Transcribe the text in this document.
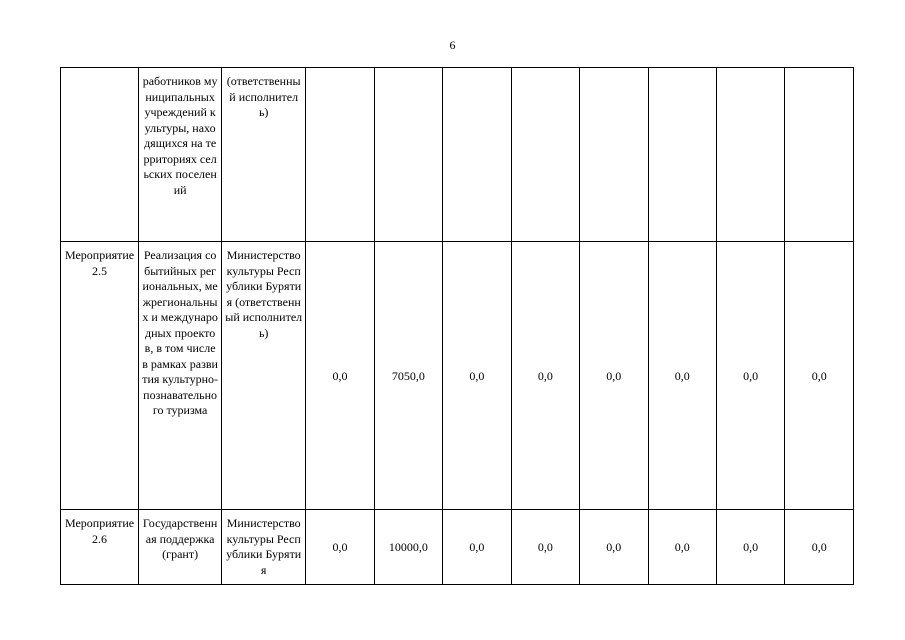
6
	работников муниципальных учреждений культуры, находящихся на территориях сельских поселений	(ответственный исполнитель)								
Мероприятие 2.5	Реализация событийных региональных, межрегиональных и международных проектов, в том числе в рамках развития культурно-познавательного туризма	Министерство культуры Республики Бурятия (ответственный исполнитель)	0,0	7050,0	0,0	0,0	0,0	0,0	0,0	0,0
Мероприятие 2.6	Государственная поддержка (грант)	Министерство культуры Республики Бурятия	0,0	10000,0	0,0	0,0	0,0	0,0	0,0	0,0
